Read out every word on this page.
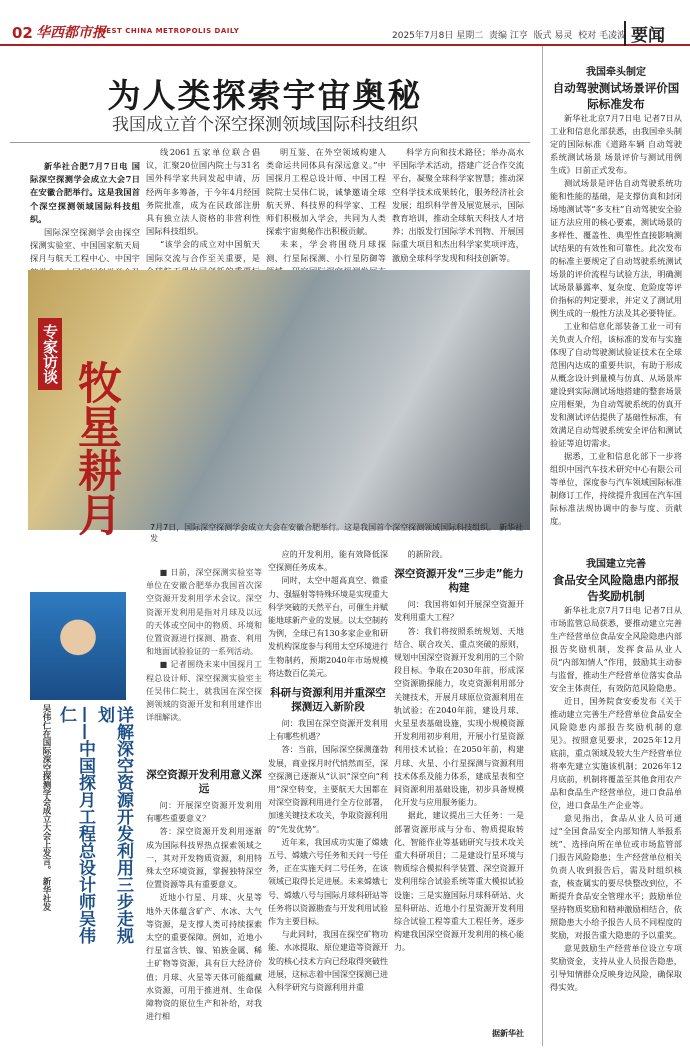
02 华西都市报
WEST CHINA METROPOLIS DAILY	2025年7月8日 星期二 责编 江亨 版式 易灵 校对 毛凌波 要闻
为人类探索宇宙奥秘
我国成立首个深空探测领域国际科技组织

新华社合肥7月7日电 国际深空探测学会成立大会7日在安徽合肥举行。这是我国首个深空探测领域国际科技组织。

国际深空探测学会由探空探测实验室、中国国家航天局探月与航天工程中心、中国宇

线2061五家单位联合倡议，汇聚20位国内院士与31名国外科学家共同发起申请，历经两年多筹备，于今年4月经国务院批准，成为在民政部注册具有独立法人资格的非营利性国际科技组织。

“该学会的成立对中国航天国际交流与合作至关重要，是

明互鉴、在外空领域构建人类命运共同体具有深远意义。”中国探月工程总设计师、中国工程院院士吴伟仁说，诚挚邀请全球航天界、科技界的科学家、工程师们积极加入学会，共同为人类探索宇宙奥秘作出积极贡献。

未来，学会将围绕月球探测、行星际探测、小行星防御等

科学方向和技术路径；举办高水平国际学术活动，搭建广泛合作交流平台，凝聚全球科学家智慧；推动深空科学技术成果转化，服务经济社会发展；组织科学普及展览展示，国际教育培训，推动全球航天科技人才培养；出版发行国际学术刊物、开展国际重大项目和杰出科学家奖项评选，激励全球科学发现和科技创新等。

专家访谈
牧星耕月	7月7日，国际深空探测学会成立大会在安徽合肥举行。这是我国首个深空探测领域国际科技组织。 新华社发

■ 日前，深空探测实验室等单位在安徽合肥举办我国首次深空资源开发利用学术会议。深空资源开发利用是指对月球及以远的天体或空间中的物质、环境和位置资源进行探测、勘查、利用和地面试验验证的一系列活动。

■ 记者围绕未来中国探月工程总设计师、深空探测实验室主任吴伟仁院士，就我国在深空探测领域的资源开发和利用建作出详细解读。

吴伟仁在国际深空探测学会成立大会上发言。 新华社发	详解深空资源开发利用三步走规划
——中国探月工程总设计师吴伟仁
深空资源开发利用意义深远

问：开展深空资源开发利用有哪些重要意义？

答：深空资源开发利用逐渐成为国际科技界热点探索领域之一，其对开发物质资源，利用特殊太空环境资源，掌握独特深空位置资源等具有重要意义。

近地小行星、月球、火星等地外天体蕴含矿产、水冰、大气等资源，是支撑人类可持续探索太空的重要保障。例如，近地小行星富含铁、镍、铂族金属、稀土矿物等资源，具有巨大经济价值；月球、火星等天体可能蕴藏水资源，可用于推进剂、生命保障物资的原位生产和补给，对我进行相

应的开发利用，能有效降低深空探测任务成本。

同时，太空中超高真空、微重力、强辐射等特殊环境是实现重大科学突破的天然平台，可催生并赋能地球新产业的发展。以太空制药为例，全球已有130多家企业和研发机构深度参与利用太空环境进行生物制药，预期2040年市场规模将达数百亿美元。

科研与资源利用并重深空探测迈入新阶段

问：我国在深空资源开发利用上有哪些机遇？

答：当前，国际深空探测蓬勃发展，商业探月时代悄然而至，深空探测已逐渐从“认识”深空向“利用”深空转变，主要航天大国都在对深空资源利用进行全方位部署，加速关键技术攻关，争取资源利用的“先发优势”。

近年来，我国成功实施了嫦娥五号、嫦娥六号任务和天问一号任务，正在实施天问二号任务，在该领域已取得长足进展。未来嫦娥七号、嫦娥八号与国际月球科研站等任务将以资源勘查与开发利用试验作为主要目标。

与此同时，我国在探空矿物功能、水冰提取、原位建造等资源开发的核心技术方向已经取得突破性进展，这标志着中国深空探测已进入科学研究与资源利用并重

的新阶段。

深空资源开发“三步走”能力构建

问：我国将如何开展深空资源开发利用重大工程？

答：我们将按照系统规划、天地结合、联合攻关、重点突破的原则，规划中国深空资源开发利用的三个阶段目标。争取在2030年前，形成深空资源勘探能力，攻克资源利用部分关键技术，开展月球原位资源利用在轨试验；在2040年前，建设月球、火星星表基础设施，实现小规模资源开发利用初步利用，开展小行星资源利用技术试验；在2050年前，构建月球、火星、小行星探测与资源利用技术体系及能力体系，建成星表和空间资源利用基础设施，初步具备规模化开发与应用服务能力。

据此，建议提出三大任务：一是部署资源形成与分布、物质提取转化、智能作业等基础研究与技术攻关重大科研项目；二是建设行星环境与物质综合模拟科学装置、深空资源开发利用综合试验系统等重大模拟试验设施；三是实施国际月球科研站、火星科研站、近地小行星资源开发利用综合试验工程等重大工程任务，逐步构建我国深空资源开发利用的核心能力。

据新华社
我国牵头制定
自动驾驶测试场景评价国际标准发布

新华社北京7月7日电 记者7日从工业和信息化部获悉，由我国牵头制定的国际标准《道路车辆 自动驾驶系统测试场景 场景评价与测试用例生成》日前正式发布。

测试场景是评估自动驾驶系统功能和性能的基础，是支撑仿真和封闭场地测试等“多支柱”自动驾驶安全验证方法应用的核心要素，测试场景的多样性、覆盖性、典型性直接影响测试结果的有效性和可靠性。此次发布的标准主要规定了自动驾驶系统测试场景的评价流程与试验方法，明确测试场景暴露率、复杂度、危险度等评价指标的判定要求，并定义了测试用例生成的一般性方法及其必要特征。

工业和信息化部装备工业一司有关负责人介绍，该标准的发布与实施体现了自动驾驶测试验证技术在全球范围内达成的重要共识，有助于形成从概念设计到量模与仿真、从场景库建设到实际测试场地搭建的整套场景应用框架，为自动驾驶系统的仿真开发和测试评估提供了基础性标准，有效满足自动驾驶系统安全评估和测试验证等迫切需求。

据悉，工业和信息化部下一步将组织中国汽车技术研究中心有限公司等单位，深度参与汽车领域国际标准制修订工作，持续提升我国在汽车国际标准法规协调中的参与度、贡献度。

我国建立完善
食品安全风险隐患内部报告奖励机制

新华社北京7月7日电 记者7日从市场监管总局获悉，要推动建立完善生产经营单位食品安全风险隐患内部报告奖励机制，发挥食品从业人员“内部知情人”作用，鼓励其主动参与监督，推动生产经营单位落实食品安全主体责任，有效防范风险隐患。

近日，国务院食安委发布《关于推动建立完善生产经营单位食品安全风险隐患内部报告奖励机制的意见》。按照意见要求，2025年12月底前，重点领域及较大生产经营单位将率先建立实施该机制；2026年12月底前，机制将覆盖至其他食用农产品和食品生产经营单位，进口食品单位，进口食品生产企业等。

意见指出，食品从业人员可通过“全国食品安全内部知情人举报系统”、选择向所在单位或市场监管部门报告风险隐患；生产经营单位相关负责人收到报告后，需及时组织核查，核查属实的要尽快整改到位，不断提升食品安全管理水平；鼓励单位坚持物质奖励和精神激励相结合，依照隐患大小给予报告人员不同程度的奖励，对报告重大隐患的予以重奖。

意见鼓励生产经营单位设立专项奖励资金，支持从业人员报告隐患，引导知情群众反映身边风险，确保取得实效。
